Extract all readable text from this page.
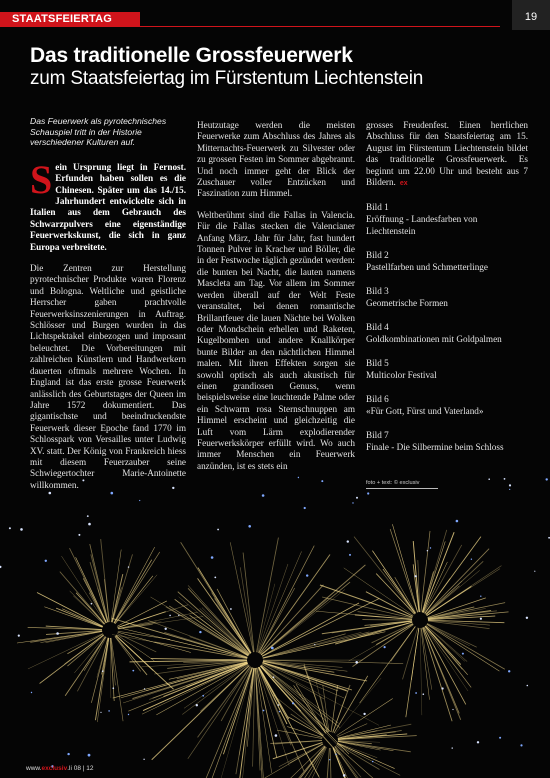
STAATSFEIERTAG	19
Das traditionelle Grossfeuerwerk
zum Staatsfeiertag im Fürstentum Liechtenstein

Das Feuerwerk als pyrotechnisches Schauspiel tritt in der Historie verschiedener Kulturen auf.

Sein Ursprung liegt in Fernost. Erfunden haben sollen es die Chinesen. Später um das 14./15. Jahrhundert entwickelte sich in Italien aus dem Gebrauch des Schwarzpulvers eine eigenständige Feuerwerkskunst, die sich in ganz Europa verbreitete.

Die Zentren zur Herstellung pyrotechnischer Produkte waren Florenz und Bologna. Weltliche und geistliche Herrscher gaben prachtvolle Feuerwerksinszenierungen in Auftrag. Schlösser und Burgen wurden in das Lichtspektakel einbezogen und imposant beleuchtet. Die Vorbereitungen mit zahlreichen Künstlern und Handwerkern dauerten oftmals mehrere Wochen. In England ist das erste grosse Feuerwerk anlässlich des Geburtstages der Queen im Jahre 1572 dokumentiert. Das gigantischste und beeindruckendste Feuerwerk dieser Epoche fand 1770 im Schlosspark von Versailles unter Ludwig XV. statt. Der König von Frankreich hiess mit diesem Feuerzauber seine Schwiegertochter Marie-Antoinette willkommen.

Heutzutage werden die meisten Feuerwerke zum Abschluss des Jahres als Mitternachts-Feuerwerk zu Silvester oder zu grossen Festen im Sommer abgebrannt. Und noch immer geht der Blick der Zuschauer voller Entzücken und Faszination zum Himmel.

Weltberühmt sind die Fallas in Valencia. Für die Fallas stecken die Valencianer Anfang März, Jahr für Jahr, fast hundert Tonnen Pulver in Kracher und Böller, die in der Festwoche täglich gezündet werden: die bunten bei Nacht, die lauten namens Mascleta am Tag. Vor allem im Sommer werden überall auf der Welt Feste veranstaltet, bei denen romantische Brillantfeuer die lauen Nächte bei Wolken oder Mondschein erhellen und Raketen, Kugelbomben und andere Knallkörper bunte Bilder an den nächtlichen Himmel malen. Mit ihren Effekten sorgen sie sowohl optisch als auch akustisch für einen grandiosen Genuss, wenn beispielsweise eine leuchtende Palme oder ein Schwarm rosa Sternschnuppen am Himmel erscheint und gleichzeitig die Luft vom Lärm explodierender Feuerwerkskörper erfüllt wird. Wo auch immer Menschen ein Feuerwerk anzünden, ist es stets ein

grosses Freudenfest. Einen herrlichen Abschluss für den Staatsfeiertag am 15. August im Fürstentum Liechtenstein bildet das traditionelle Grossfeuerwerk. Es beginnt um 22.00 Uhr und besteht aus 7 Bildern. ex

Bild 1
Eröffnung - Landesfarben von Liechtenstein
Bild 2
Pastellfarben und Schmetterlinge
Bild 3
Geometrische Formen
Bild 4
Goldkombinationen mit Goldpalmen
Bild 5
Multicolor Festival
Bild 6
«Für Gott, Fürst und Vaterland»
Bild 7
Finale - Die Silbermine beim Schloss
foto + text: © exclusiv
www.exclusiv.li 08 | 12
